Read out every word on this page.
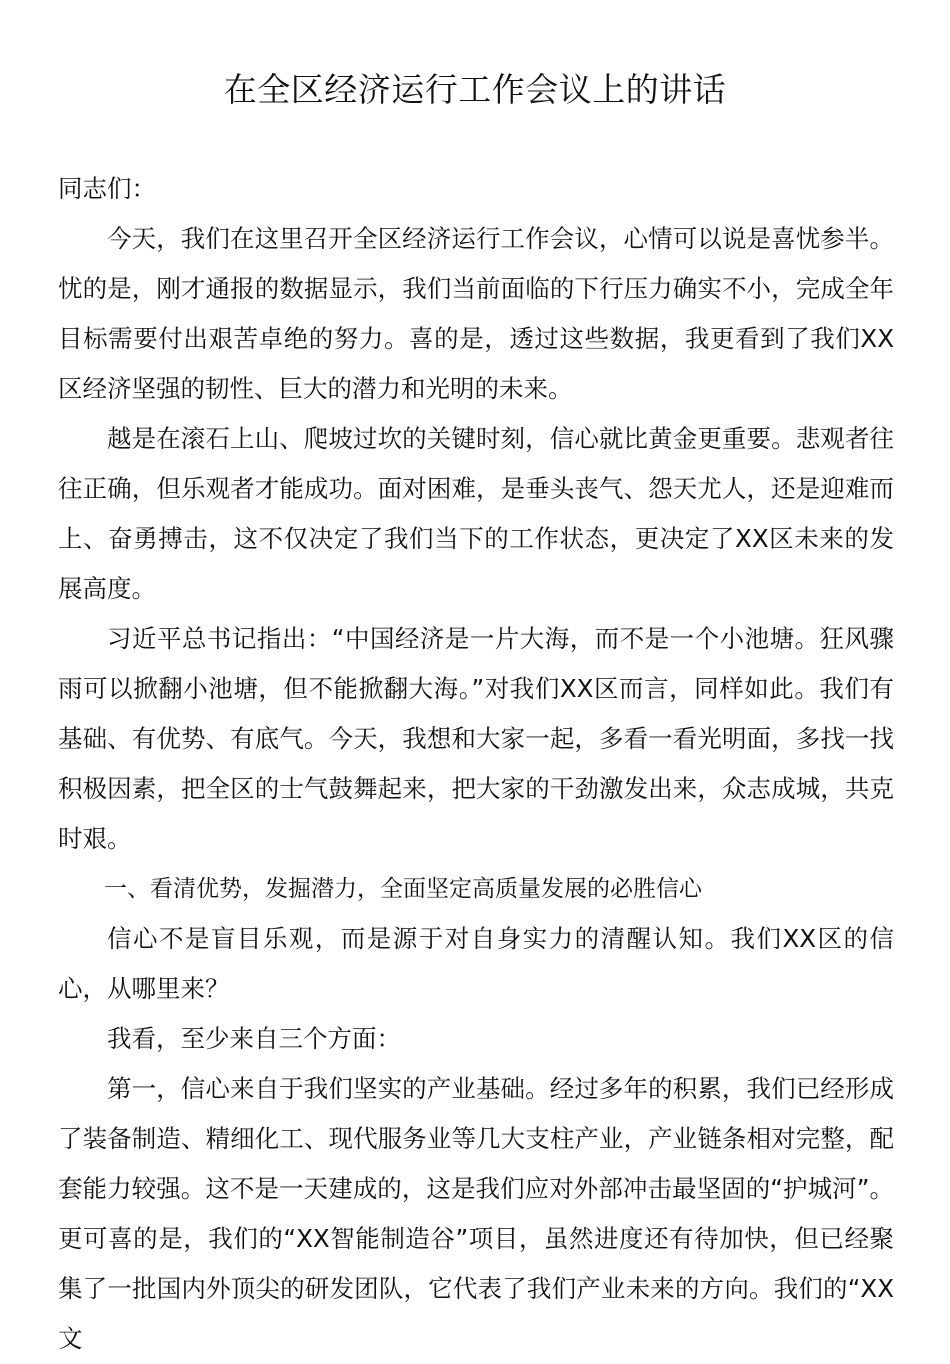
在全区经济运行工作会议上的讲话

同志们：

今天，我们在这里召开全区经济运行工作会议，心情可以说是喜忧参半。忧的是，刚才通报的数据显示，我们当前面临的下行压力确实不小，完成全年目标需要付出艰苦卓绝的努力。喜的是，透过这些数据，我更看到了我们XX区经济坚强的韧性、巨大的潜力和光明的未来。

越是在滚石上山、爬坡过坎的关键时刻，信心就比黄金更重要。悲观者往往正确，但乐观者才能成功。面对困难，是垂头丧气、怨天尤人，还是迎难而上、奋勇搏击，这不仅决定了我们当下的工作状态，更决定了XX区未来的发展高度。

习近平总书记指出：“中国经济是一片大海，而不是一个小池塘。狂风骤雨可以掀翻小池塘，但不能掀翻大海。”对我们XX区而言，同样如此。我们有基础、有优势、有底气。今天，我想和大家一起，多看一看光明面，多找一找积极因素，把全区的士气鼓舞起来，把大家的干劲激发出来，众志成城，共克时艰。

一、看清优势，发掘潜力，全面坚定高质量发展的必胜信心

信心不是盲目乐观，而是源于对自身实力的清醒认知。我们XX区的信心，从哪里来？

我看，至少来自三个方面：

第一，信心来自于我们坚实的产业基础。经过多年的积累，我们已经形成了装备制造、精细化工、现代服务业等几大支柱产业，产业链条相对完整，配套能力较强。这不是一天建成的，这是我们应对外部冲击最坚固的“护城河”。更可喜的是，我们的“XX智能制造谷”项目，虽然进度还有待加快，但已经聚集了一批国内外顶尖的研发团队，它代表了我们产业未来的方向。我们的“XX文
